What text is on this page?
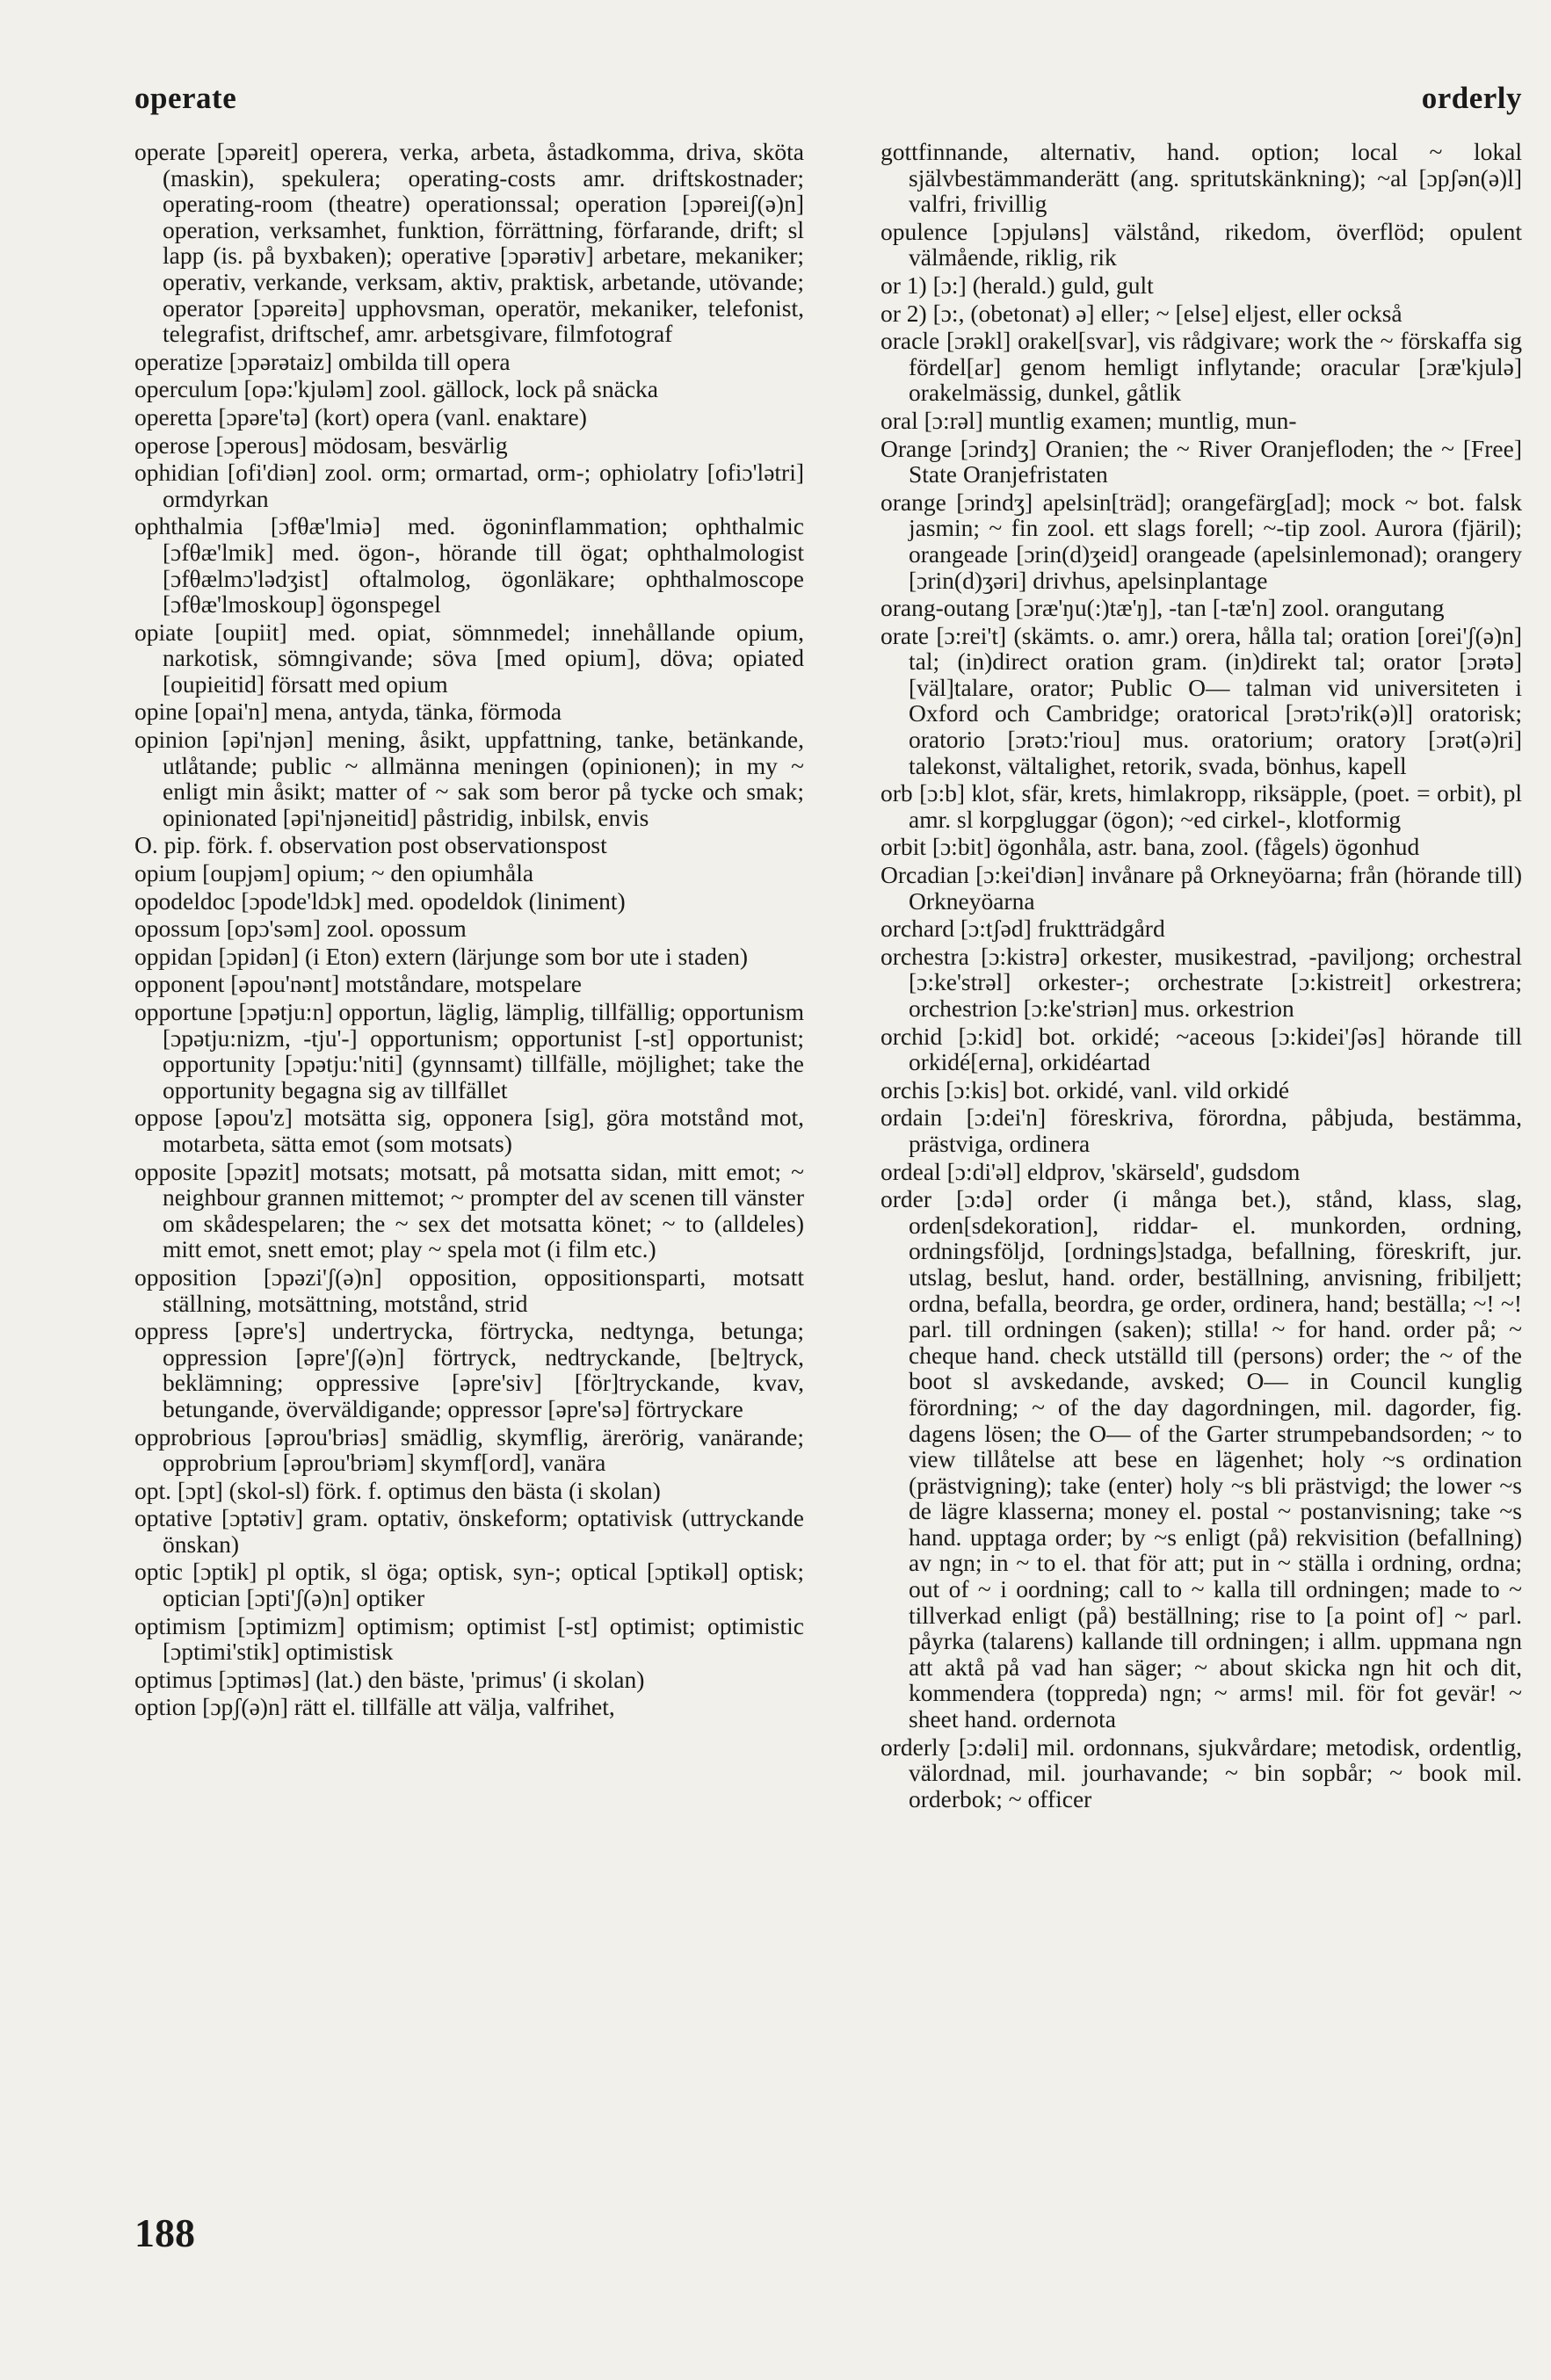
operate	orderly

operate [ɔpəreit] operera, verka, arbeta, åstadkomma, driva, sköta (maskin), spekulera; operating-costs amr. driftskostnader; operating-room (theatre) operationssal; operation [ɔpəreiʃ(ə)n] operation, verksamhet, funktion, förrättning, förfarande, drift; sl lapp (is. på byxbaken); operative [ɔpərətiv] arbetare, mekaniker; operativ, verkande, verksam, aktiv, praktisk, arbetande, utövande; operator [ɔpəreitə] upphovsman, operatör, mekaniker, telefonist, telegrafist, driftschef, amr. arbetsgivare, filmfotograf

operatize [ɔpərətaiz] ombilda till opera

operculum [opə:'kjuləm] zool. gällock, lock på snäcka

operetta [ɔpəre'tə] (kort) opera (vanl. enaktare)

operose [ɔperous] mödosam, besvärlig

ophidian [ofi'diən] zool. orm; ormartad, orm-; ophiolatry [ofiɔ'lətri] ormdyrkan

ophthalmia [ɔfθæ'lmiə] med. ögoninflammation; ophthalmic [ɔfθæ'lmik] med. ögon-, hörande till ögat; ophthalmologist [ɔfθælmɔ'lədʒist] oftalmolog, ögonläkare; ophthalmoscope [ɔfθæ'lmoskoup] ögonspegel

opiate [oupiit] med. opiat, sömnmedel; innehållande opium, narkotisk, sömngivande; söva [med opium], döva; opiated [oupieitid] försatt med opium

opine [opai'n] mena, antyda, tänka, förmoda

opinion [əpi'njən] mening, åsikt, uppfattning, tanke, betänkande, utlåtande; public ~ allmänna meningen (opinionen); in my ~ enligt min åsikt; matter of ~ sak som beror på tycke och smak; opinionated [əpi'njəneitid] påstridig, inbilsk, envis

O. pip. förk. f. observation post observationspost

opium [oupjəm] opium; ~ den opiumhåla

opodeldoc [ɔpode'ldɔk] med. opodeldok (liniment)

opossum [opɔ'səm] zool. opossum

oppidan [ɔpidən] (i Eton) extern (lärjunge som bor ute i staden)

opponent [əpou'nənt] motståndare, motspelare

opportune [ɔpətju:n] opportun, läglig, lämplig, tillfällig; opportunism [ɔpətju:nizm, -tju'-] opportunism; opportunist [-st] opportunist; opportunity [ɔpətju:'niti] (gynnsamt) tillfälle, möjlighet; take the opportunity begagna sig av tillfället

oppose [əpou'z] motsätta sig, opponera [sig], göra motstånd mot, motarbeta, sätta emot (som motsats)

opposite [ɔpəzit] motsats; motsatt, på motsatta sidan, mitt emot; ~ neighbour grannen mittemot; ~ prompter del av scenen till vänster om skådespelaren; the ~ sex det motsatta könet; ~ to (alldeles) mitt emot, snett emot; play ~ spela mot (i film etc.)

opposition [ɔpəzi'ʃ(ə)n] opposition, oppositionsparti, motsatt ställning, motsättning, motstånd, strid

oppress [əpre's] undertrycka, förtrycka, nedtynga, betunga; oppression [əpre'ʃ(ə)n] förtryck, nedtryckande, [be]tryck, beklämning; oppressive [əpre'siv] [för]tryckande, kvav, betungande, överväldigande; oppressor [əpre'sə] förtryckare

opprobrious [əprou'briəs] smädlig, skymflig, ärerörig, vanärande; opprobrium [əprou'briəm] skymf[ord], vanära

opt. [ɔpt] (skol-sl) förk. f. optimus den bästa (i skolan)

optative [ɔptətiv] gram. optativ, önskeform; optativisk (uttryckande önskan)

optic [ɔptik] pl optik, sl öga; optisk, syn-; optical [ɔptikəl] optisk; optician [ɔpti'ʃ(ə)n] optiker

optimism [ɔptimizm] optimism; optimist [-st] optimist; optimistic [ɔptimi'stik] optimistisk

optimus [ɔptiməs] (lat.) den bäste, 'primus' (i skolan)

option [ɔpʃ(ə)n] rätt el. tillfälle att välja, valfrihet,

gottfinnande, alternativ, hand. option; local ~ lokal självbestämmanderätt (ang. spritutskänkning); ~al [ɔpʃən(ə)l] valfri, frivillig

opulence [ɔpjuləns] välstånd, rikedom, överflöd; opulent välmående, riklig, rik

or 1) [ɔ:] (herald.) guld, gult

or 2) [ɔ:, (obetonat) ə] eller; ~ [else] eljest, eller också

oracle [ɔrəkl] orakel[svar], vis rådgivare; work the ~ förskaffa sig fördel[ar] genom hemligt inflytande; oracular [ɔræ'kjulə] orakelmässig, dunkel, gåtlik

oral [ɔ:rəl] muntlig examen; muntlig, mun-

Orange [ɔrindʒ] Oranien; the ~ River Oranjefloden; the ~ [Free] State Oranjefristaten

orange [ɔrindʒ] apelsin[träd]; orangefärg[ad]; mock ~ bot. falsk jasmin; ~ fin zool. ett slags forell; ~-tip zool. Aurora (fjäril); orangeade [ɔrin(d)ʒeid] orangeade (apelsinlemonad); orangery [ɔrin(d)ʒəri] drivhus, apelsinplantage

orang-outang [ɔræ'ŋu(:)tæ'ŋ], -tan [-tæ'n] zool. orangutang

orate [ɔ:rei't] (skämts. o. amr.) orera, hålla tal; oration [orei'ʃ(ə)n] tal; (in)direct oration gram. (in)direkt tal; orator [ɔrətə] [väl]talare, orator; Public O— talman vid universiteten i Oxford och Cambridge; oratorical [ɔrətɔ'rik(ə)l] oratorisk; oratorio [ɔrətɔ:'riou] mus. oratorium; oratory [ɔrət(ə)ri] talekonst, vältalighet, retorik, svada, bönhus, kapell

orb [ɔ:b] klot, sfär, krets, himlakropp, riksäpple, (poet. = orbit), pl amr. sl korpgluggar (ögon); ~ed cirkel-, klotformig

orbit [ɔ:bit] ögonhåla, astr. bana, zool. (fågels) ögonhud

Orcadian [ɔ:kei'diən] invånare på Orkneyöarna; från (hörande till) Orkneyöarna

orchard [ɔ:tʃəd] fruktträdgård

orchestra [ɔ:kistrə] orkester, musikestrad, -paviljong; orchestral [ɔ:ke'strəl] orkester-; orchestrate [ɔ:kistreit] orkestrera; orchestrion [ɔ:ke'striən] mus. orkestrion

orchid [ɔ:kid] bot. orkidé; ~aceous [ɔ:kidei'ʃəs] hörande till orkidé[erna], orkidéartad

orchis [ɔ:kis] bot. orkidé, vanl. vild orkidé

ordain [ɔ:dei'n] föreskriva, förordna, påbjuda, bestämma, prästviga, ordinera

ordeal [ɔ:di'əl] eldprov, 'skärseld', gudsdom

order [ɔ:də] order (i många bet.), stånd, klass, slag, orden[sdekoration], riddar- el. munkorden, ordning, ordningsföljd, [ordnings]stadga, befallning, föreskrift, jur. utslag, beslut, hand. order, beställning, anvisning, fribiljett; ordna, befalla, beordra, ge order, ordinera, hand; beställa; ~! ~! parl. till ordningen (saken); stilla! ~ for hand. order på; ~ cheque hand. check utställd till (persons) order; the ~ of the boot sl avskedande, avsked; O— in Council kunglig förordning; ~ of the day dagordningen, mil. dagorder, fig. dagens lösen; the O— of the Garter strumpebandsorden; ~ to view tillåtelse att bese en lägenhet; holy ~s ordination (prästvigning); take (enter) holy ~s bli prästvigd; the lower ~s de lägre klasserna; money el. postal ~ postanvisning; take ~s hand. upptaga order; by ~s enligt (på) rekvisition (befallning) av ngn; in ~ to el. that för att; put in ~ ställa i ordning, ordna; out of ~ i oordning; call to ~ kalla till ordningen; made to ~ tillverkad enligt (på) beställning; rise to [a point of] ~ parl. påyrka (talarens) kallande till ordningen; i allm. uppmana ngn att aktå på vad han säger; ~ about skicka ngn hit och dit, kommendera (toppreda) ngn; ~ arms! mil. för fot gevär! ~ sheet hand. ordernota

orderly [ɔ:dəli] mil. ordonnans, sjukvårdare; metodisk, ordentlig, välordnad, mil. jourhavande; ~ bin sopbår; ~ book mil. orderbok; ~ officer

188
